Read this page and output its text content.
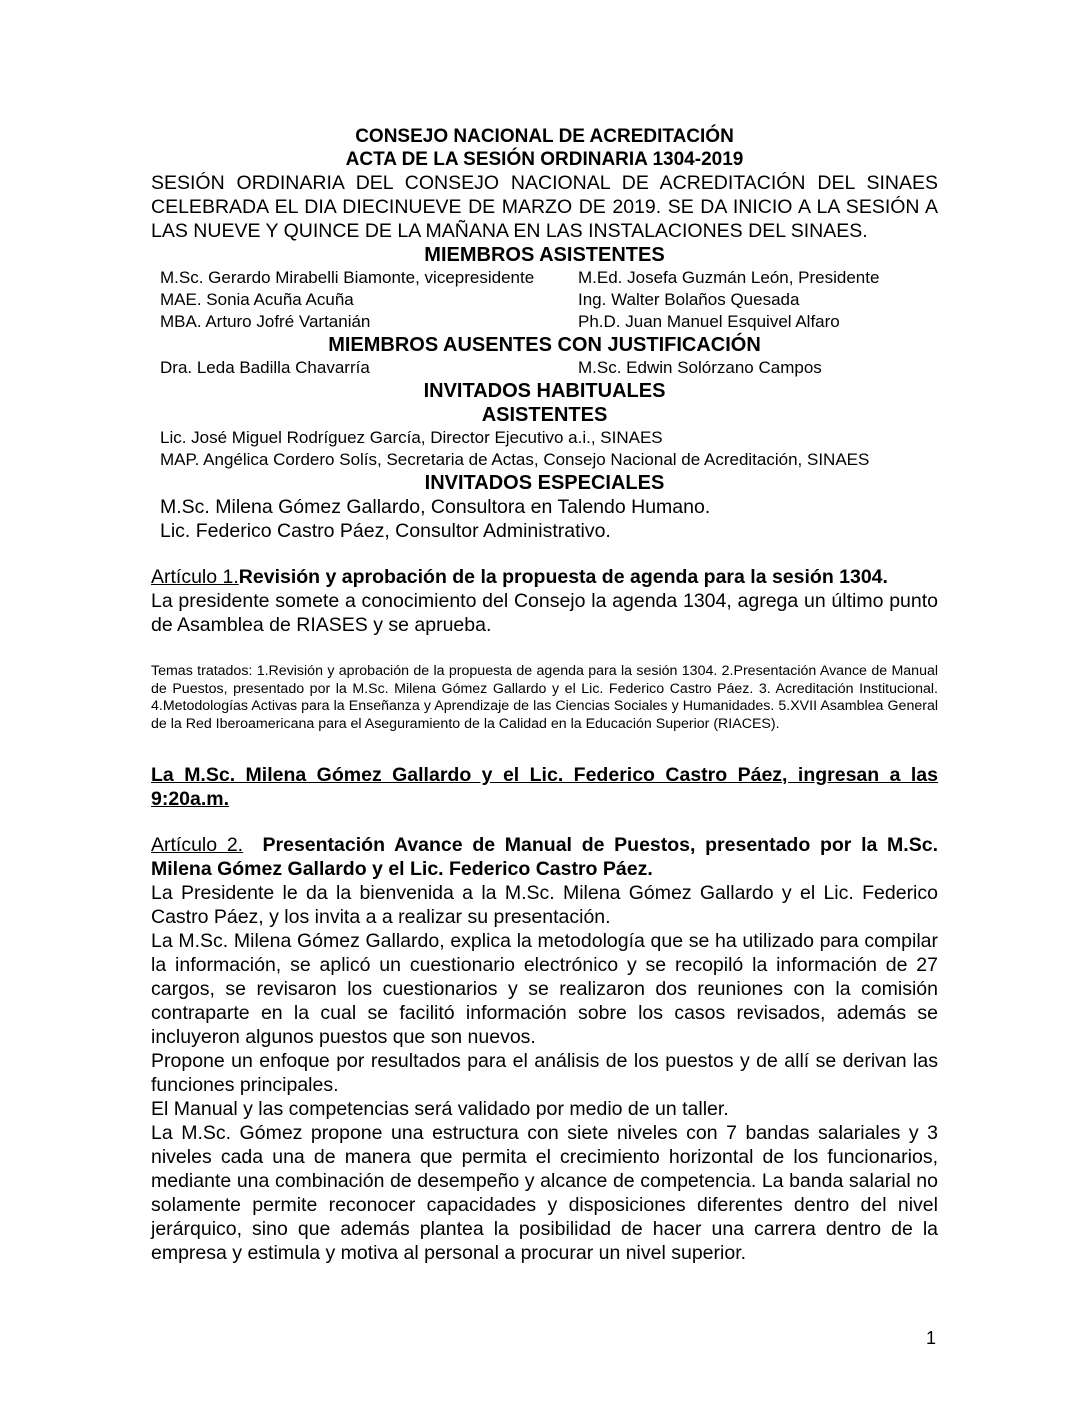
CONSEJO NACIONAL DE ACREDITACIÓN
ACTA DE LA SESIÓN ORDINARIA 1304-2019
SESIÓN ORDINARIA DEL CONSEJO NACIONAL DE ACREDITACIÓN DEL SINAES CELEBRADA EL DIA DIECINUEVE DE MARZO DE 2019. SE DA INICIO A LA SESIÓN A LAS NUEVE Y QUINCE DE LA MAÑANA EN LAS INSTALACIONES DEL SINAES.
MIEMBROS ASISTENTES
M.Sc. Gerardo Mirabelli Biamonte, vicepresidente	M.Ed. Josefa Guzmán León, Presidente
MAE. Sonia Acuña Acuña	Ing. Walter Bolaños Quesada
MBA. Arturo Jofré Vartanián	Ph.D. Juan Manuel Esquivel Alfaro
MIEMBROS AUSENTES CON JUSTIFICACIÓN
Dra. Leda Badilla Chavarría	M.Sc. Edwin Solórzano Campos
INVITADOS HABITUALES
ASISTENTES
Lic. José Miguel Rodríguez García, Director Ejecutivo a.i., SINAES
MAP. Angélica Cordero Solís, Secretaria de Actas, Consejo Nacional de Acreditación, SINAES
INVITADOS ESPECIALES
M.Sc. Milena Gómez Gallardo, Consultora en Talendo Humano.
Lic. Federico Castro Páez, Consultor Administrativo.

Artículo 1.Revisión y aprobación de la propuesta de agenda para la sesión 1304.

La presidente somete a conocimiento del Consejo la agenda 1304, agrega un último punto de Asamblea de RIASES y se aprueba.

Temas tratados: 1.Revisión y aprobación de la propuesta de agenda para la sesión 1304. 2.Presentación Avance de Manual de Puestos, presentado por la M.Sc. Milena Gómez Gallardo y el Lic. Federico Castro Páez. 3. Acreditación Institucional. 4.Metodologías Activas para la Enseñanza y Aprendizaje de las Ciencias Sociales y Humanidades. 5.XVII Asamblea General de la Red Iberoamericana para el Aseguramiento de la Calidad en la Educación Superior (RIACES).

La M.Sc. Milena Gómez Gallardo y el Lic. Federico Castro Páez, ingresan a las 9:20a.m.

Artículo 2.  Presentación Avance de Manual de Puestos, presentado por la M.Sc. Milena Gómez Gallardo y el Lic. Federico Castro Páez.

La Presidente le da la bienvenida a la M.Sc. Milena Gómez Gallardo y el Lic. Federico Castro Páez, y los invita a a realizar su presentación.

La M.Sc. Milena Gómez Gallardo, explica la metodología que se ha utilizado para compilar la información, se aplicó un cuestionario electrónico y se recopiló la información de 27 cargos, se revisaron los cuestionarios y se realizaron dos reuniones con la comisión contraparte en la cual se facilitó información sobre los casos revisados, además se incluyeron algunos puestos que son nuevos.

Propone un enfoque por resultados para el análisis de los puestos y de allí se derivan las funciones principales.

El Manual y las competencias será validado por medio de un taller.

La M.Sc. Gómez propone una estructura con siete niveles con 7 bandas salariales y 3 niveles cada una de manera que permita el crecimiento horizontal de los funcionarios, mediante una combinación de desempeño y alcance de competencia. La banda salarial no solamente permite reconocer capacidades y disposiciones diferentes dentro del nivel jerárquico, sino que además plantea la posibilidad de hacer una carrera dentro de la empresa y estimula y motiva al personal a procurar un nivel superior.

1
